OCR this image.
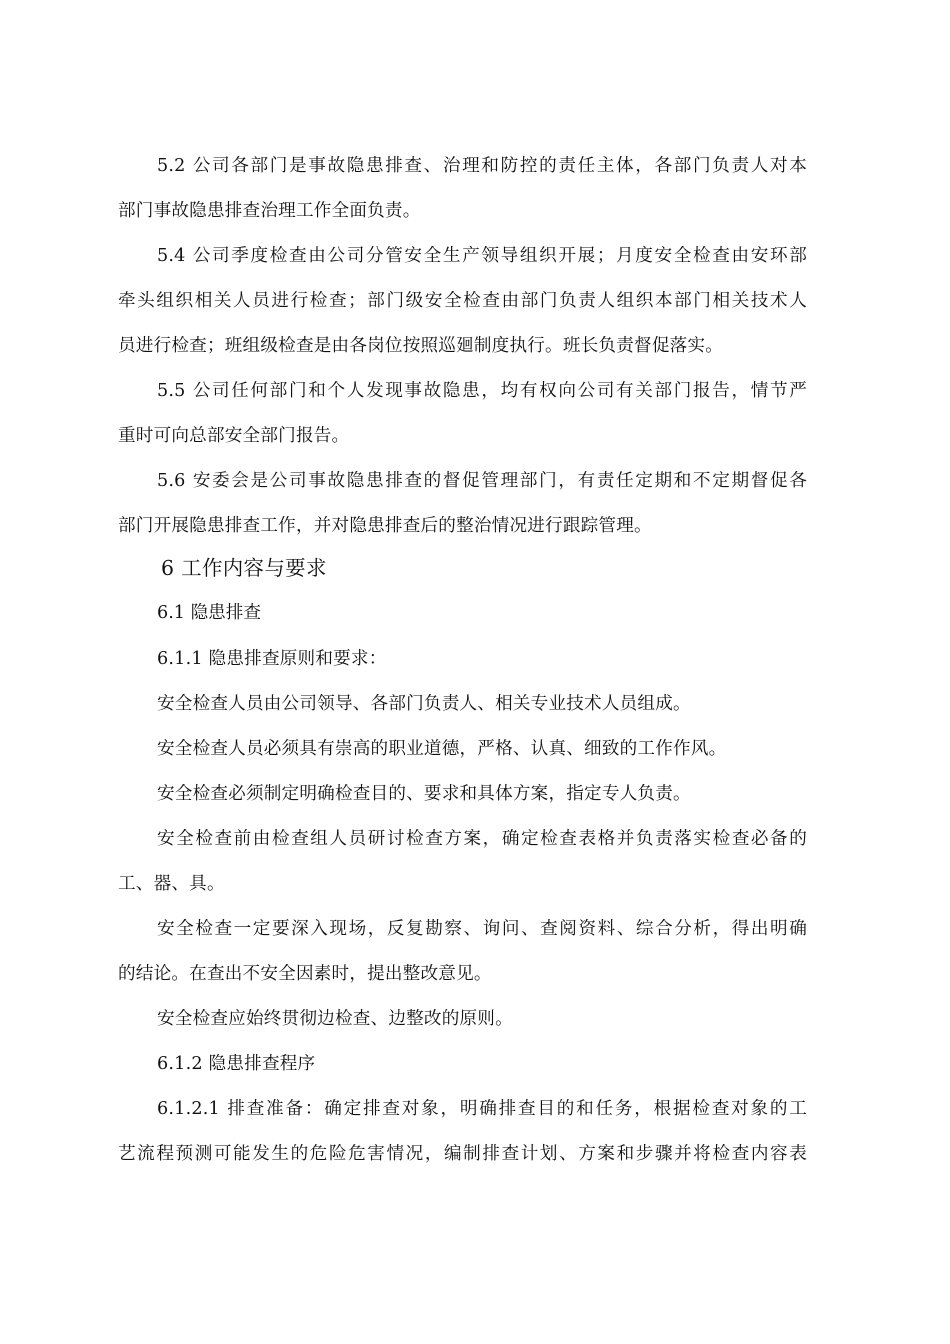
5.2 公司各部门是事故隐患排查、治理和防控的责任主体，各部门负责人对本

部门事故隐患排查治理工作全面负责。

5.4 公司季度检查由公司分管安全生产领导组织开展；月度安全检查由安环部

牵头组织相关人员进行检查；部门级安全检查由部门负责人组织本部门相关技术人

员进行检查；班组级检查是由各岗位按照巡廻制度执行。班长负责督促落实。

5.5 公司任何部门和个人发现事故隐患，均有权向公司有关部门报告，情节严

重时可向总部安全部门报告。

5.6 安委会是公司事故隐患排查的督促管理部门，有责任定期和不定期督促各

部门开展隐患排查工作，并对隐患排查后的整治情况进行跟踪管理。

6 工作内容与要求
6.1 隐患排查

6.1.1 隐患排查原则和要求：

安全检查人员由公司领导、各部门负责人、相关专业技术人员组成。

安全检查人员必须具有崇高的职业道德，严格、认真、细致的工作作风。

安全检查必须制定明确检查目的、要求和具体方案，指定专人负责。

安全检查前由检查组人员研讨检查方案，确定检查表格并负责落实检查必备的

工、器、具。

安全检查一定要深入现场，反复勘察、询问、查阅资料、综合分析，得出明确

的结论。在查出不安全因素时，提出整改意见。

安全检查应始终贯彻边检查、边整改的原则。

6.1.2 隐患排查程序

6.1.2.1 排查准备：确定排查对象，明确排查目的和任务，根据检查对象的工

艺流程预测可能发生的危险危害情况，编制排查计划、方案和步骤并将检查内容表
